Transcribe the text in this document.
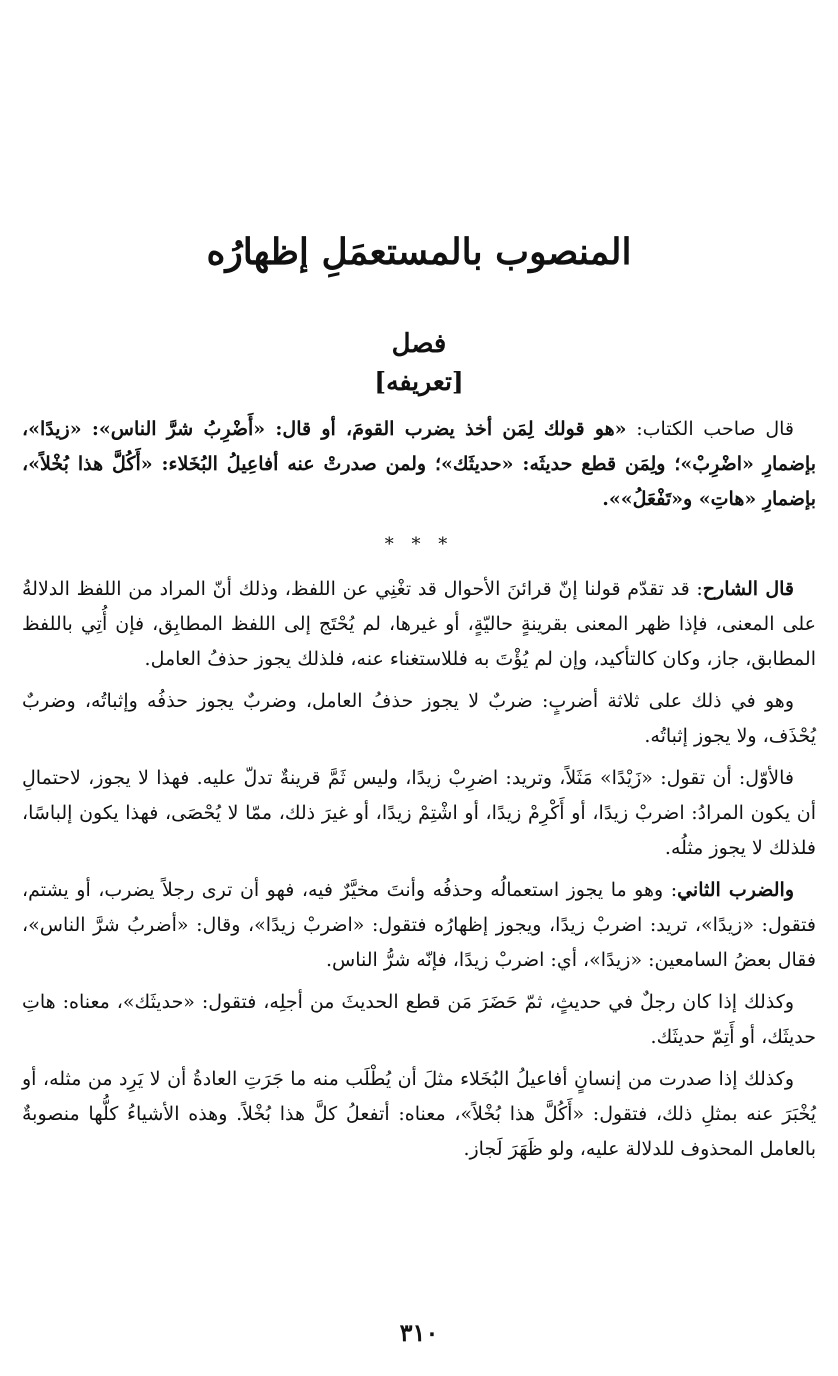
المنصوب بالمستعمَلِ إظهارُه
فصل
[تعريفه]

قال صاحب الكتاب: «هو قولك لِمَن أخذ يضرب القومَ، أو قال: «أَضْرِبُ شرَّ الناس»: «زيدًا»، بإضمارِ «اضْرِبْ»؛ ولِمَن قطع حديثَه: «حديثَك»؛ ولمن صدرتْ عنه أفاعِيلُ البُخَلاء: «أَكُلَّ هذا بُخْلاً»، بإضمارِ «هاتِ» و«تَفْعَلُ»».

* * *

قال الشارح: قد تقدّم قولنا إنّ قرائنَ الأحوال قد تغْنِي عن اللفظ، وذلك أنّ المراد من اللفظ الدلالةُ على المعنى، فإذا ظهر المعنى بقرينةٍ حاليّةٍ، أو غيرها، لم يُحْتَج إلى اللفظ المطابِق، فإن أُتِي باللفظ المطابق، جاز، وكان كالتأكيد، وإن لم يُؤْتَ به فللاستغناء عنه، فلذلك يجوز حذفُ العامل.

وهو في ذلك على ثلاثة أضربٍ: ضربٌ لا يجوز حذفُ العامل، وضربٌ يجوز حذفُه وإثباتُه، وضربٌ يُحْذَف، ولا يجوز إثباتُه.

فالأوّل: أن تقول: «زَيْدًا» مَثَلاً، وتريد: اضرِبْ زيدًا، وليس ثَمَّ قرينةٌ تدلّ عليه. فهذا لا يجوز، لاحتمالِ أن يكون المرادُ: اضربْ زيدًا، أو أَكْرِمْ زيدًا، أو اشْتِمْ زيدًا، أو غيرَ ذلك، ممّا لا يُحْصَى، فهذا يكون إلباسًا، فلذلك لا يجوز مثلُه.

والضرب الثاني: وهو ما يجوز استعمالُه وحذفُه وأنتَ مخيَّرٌ فيه، فهو أن ترى رجلاً يضرب، أو يشتم، فتقول: «زيدًا»، تريد: اضربْ زيدًا، ويجوز إظهارُه فتقول: «اضربْ زيدًا»، وقال: «أضربُ شرَّ الناس»، فقال بعضُ السامعين: «زيدًا»، أي: اضربْ زيدًا، فإنّه شرُّ الناس.

وكذلك إذا كان رجلٌ في حديثٍ، ثمّ حَضَرَ مَن قطع الحديثَ من أجلِه، فتقول: «حديثَك»، معناه: هاتِ حديثَك، أو أَتِمّ حديثَك.

وكذلك إذا صدرت من إنسانٍ أفاعيلُ البُخَلاء مثلَ أن يُطْلَب منه ما جَرَتِ العادةُ أن لا يَرِد من مثله، أو يُخْبَرَ عنه بمثلِ ذلك، فتقول: «أَكُلَّ هذا بُخْلاً»، معناه: أتفعلُ كلَّ هذا بُخْلاً. وهذه الأشياءُ كلُّها منصوبةٌ بالعامل المحذوف للدلالة عليه، ولو ظَهَرَ لَجاز.

٣١٠
